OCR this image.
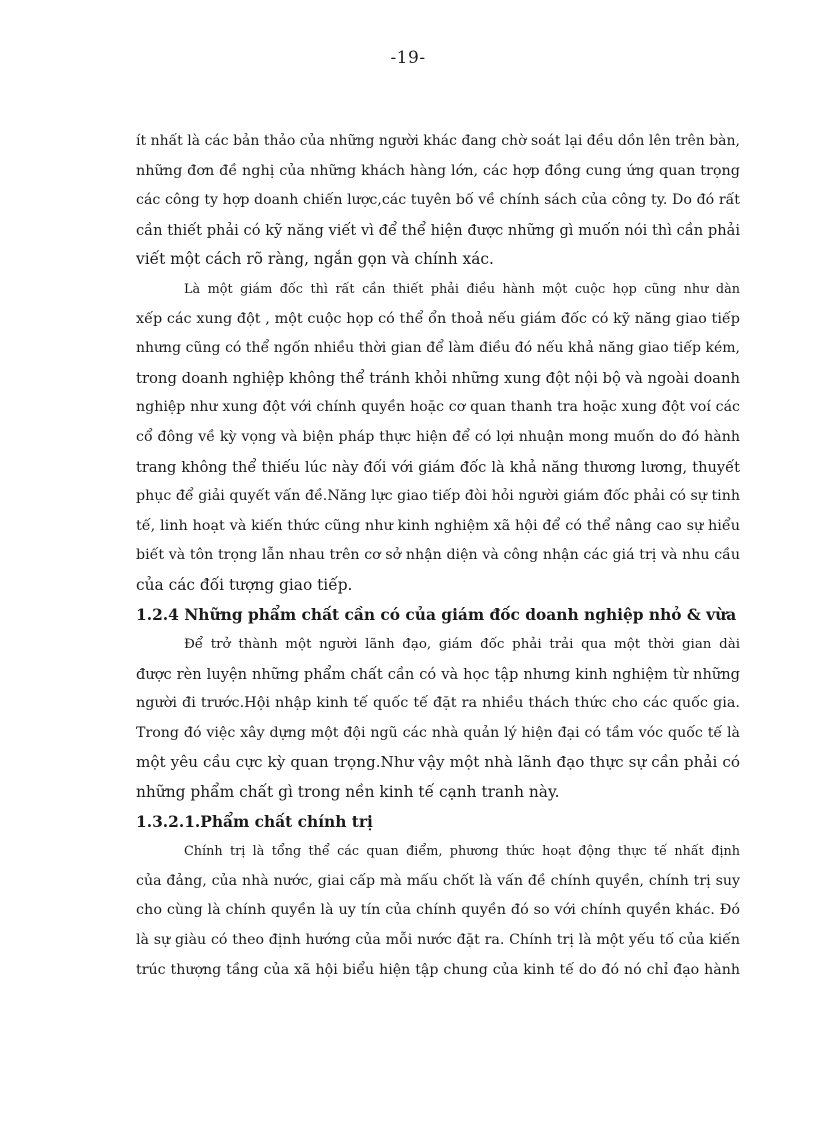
-19-
ít nhất là các bản thảo của những người khác đang chờ soát lại đều dồn lên trên bàn,
những đơn đề nghị của những khách hàng lớn, các hợp đồng cung ứng quan trọng
các công ty hợp doanh chiến lược,các tuyên bố về chính sách của công ty. Do đó rất
cần thiết phải có kỹ năng viết vì để thể hiện được những gì muốn nói thì cần phải
viết một cách rõ ràng, ngắn gọn và chính xác.
Là một giám đốc thì rất cần thiết phải điều hành một cuộc họp cũng như dàn
xếp các xung đột , một cuộc họp có thể ổn thoả nếu giám đốc có kỹ năng giao tiếp
nhưng cũng có thể ngốn nhiều thời gian để làm điều đó nếu khả năng giao tiếp kém,
trong doanh nghiệp không thể tránh khỏi những xung đột nội bộ và ngoài doanh
nghiệp như xung đột với chính quyền hoặc cơ quan thanh tra hoặc xung đột voí các
cổ đông về kỳ vọng và biện pháp thực hiện để có lợi nhuận mong muốn do đó hành
trang không thể thiếu lúc này đối với giám đốc là khả năng thương lương, thuyết
phục để giải quyết vấn đề.Năng lực giao tiếp đòi hỏi người giám đốc phải có sự tinh
tế, linh hoạt và kiến thức cũng như kinh nghiệm xã hội để có thể nâng cao sự hiểu
biết và tôn trọng lẫn nhau trên cơ sở nhận diện và công nhận các giá trị và nhu cầu
của các đối tượng giao tiếp.
1.2.4 Những phẩm chất cần có của giám đốc doanh nghiệp nhỏ & vừa
Để trở thành một người lãnh đạo, giám đốc phải trải qua một thời gian dài
được rèn luyện những phẩm chất cần có và học tập nhưng kinh nghiệm từ những
người đi trước.Hội nhập kinh tế quốc tế đặt ra nhiều thách thức cho các quốc gia.
Trong đó việc xây dựng một đội ngũ các nhà quản lý hiện đại có tầm vóc quốc tế là
một yêu cầu cực kỳ quan trọng.Như vậy một nhà lãnh đạo thực sự cần phải có
những phẩm chất gì trong nền kinh tế cạnh tranh này.
1.3.2.1.Phẩm chất chính trị
Chính trị là tổng thể các quan điểm, phương thức hoạt động thực tế nhất định
của đảng, của nhà nước, giai cấp mà mấu chốt là vấn đề chính quyền, chính trị suy
cho cùng là chính quyền là uy tín của chính quyền đó so với chính quyền khác. Đó
là sự giàu có theo định hướng của mỗi nước đặt ra. Chính trị là một yếu tố của kiến
trúc thượng tầng của xã hội biểu hiện tập chung của kinh tế do đó nó chỉ đạo hành
